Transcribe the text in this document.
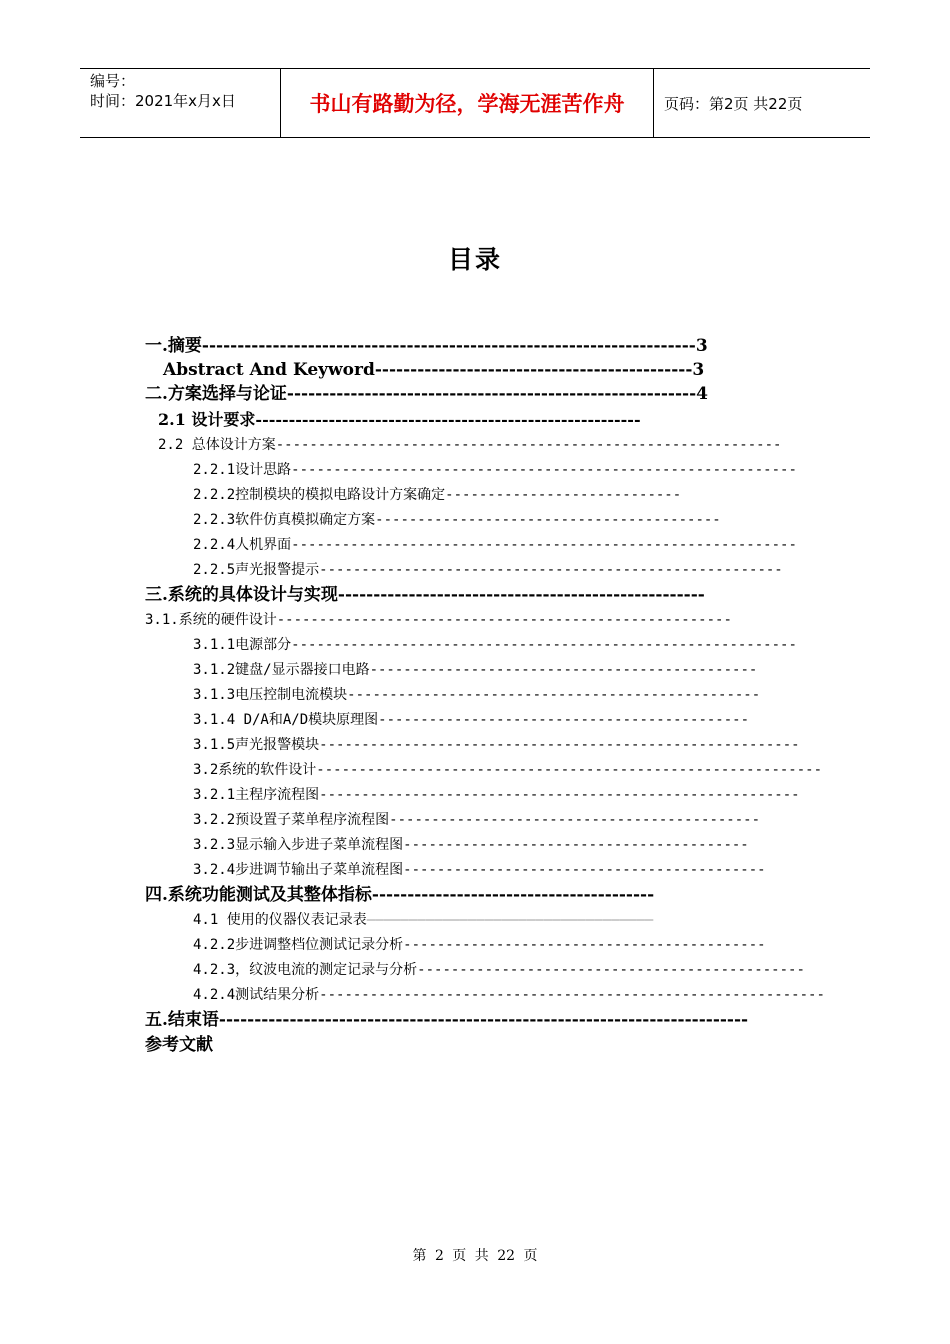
编号：
时间：2021年x月x日	书山有路勤为径，学海无涯苦作舟	页码：第2页 共22页
目录
一.摘要----------------------------------------------------------------------3
Abstract And Keyword---------------------------------------------3
二.方案选择与论证----------------------------------------------------------4
2.1 设计要求----------------------------------------------------------
2.2 总体设计方案------------------------------------------------------------
2.2.1设计思路------------------------------------------------------------
2.2.2控制模块的模拟电路设计方案确定----------------------------
2.2.3软件仿真模拟确定方案-----------------------------------------
2.2.4人机界面------------------------------------------------------------
2.2.5声光报警提示-------------------------------------------------------
三.系统的具体设计与实现----------------------------------------------------
3.1.系统的硬件设计------------------------------------------------------
3.1.1电源部分------------------------------------------------------------
3.1.2键盘/显示器接口电路----------------------------------------------
3.1.3电压控制电流模块-------------------------------------------------
3.1.4 D/A和A/D模块原理图--------------------------------------------
3.1.5声光报警模块---------------------------------------------------------
3.2系统的软件设计------------------------------------------------------------
3.2.1主程序流程图---------------------------------------------------------
3.2.2预设置子菜单程序流程图--------------------------------------------
3.2.3显示输入步进子菜单流程图-----------------------------------------
3.2.4步进调节输出子菜单流程图-------------------------------------------
四.系统功能测试及其整体指标----------------------------------------
4.1 使用的仪器仪表记录表——————————————————————————————————
4.2.2步进调整档位测试记录分析-------------------------------------------
4.2.3，纹波电流的测定记录与分析----------------------------------------------
4.2.4测试结果分析------------------------------------------------------------
五.结束语---------------------------------------------------------------------------
参考文献
第 2 页 共 22 页
